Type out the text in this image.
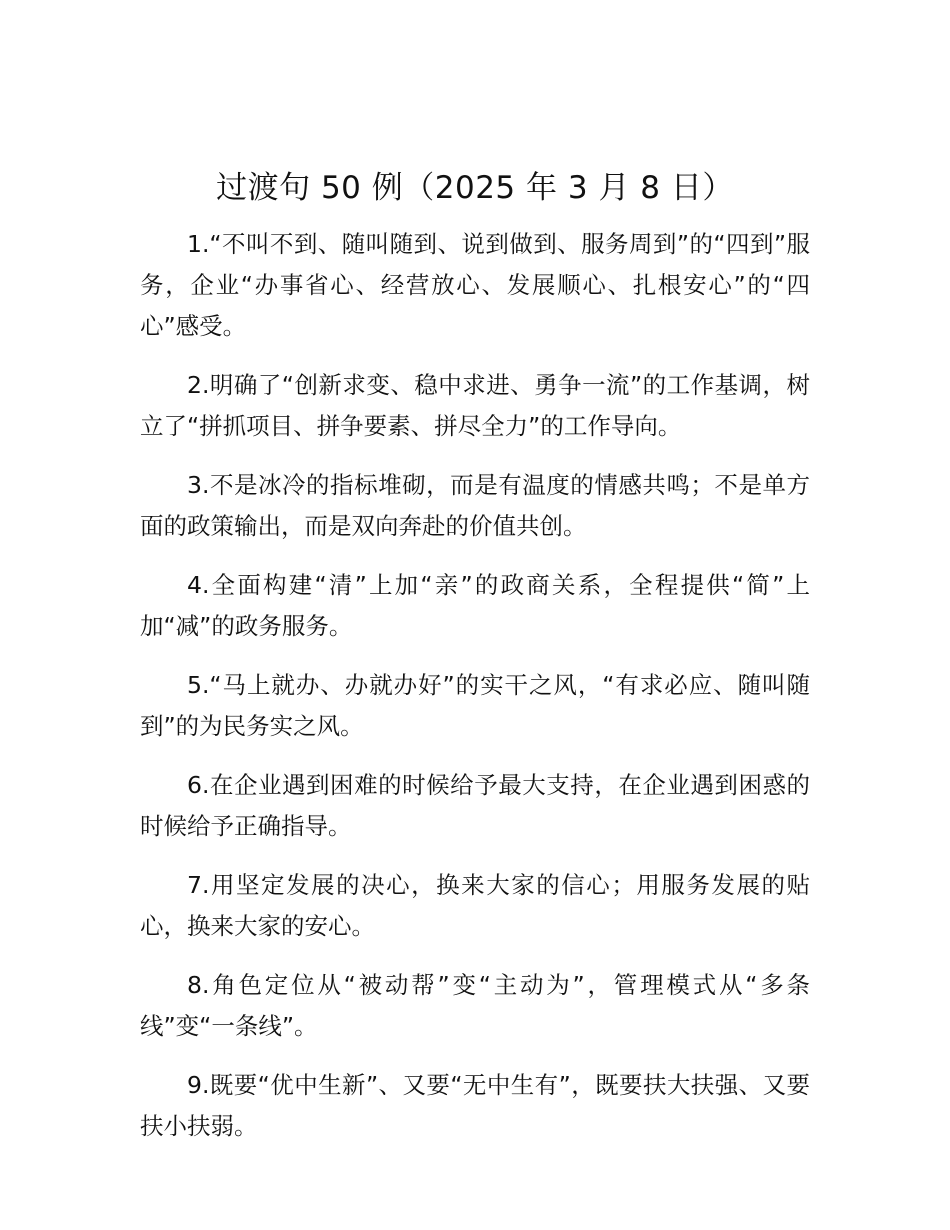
过渡句 50 例（2025 年 3 月 8 日）

1.“不叫不到、随叫随到、说到做到、服务周到”的“四到”服务，企业“办事省心、经营放心、发展顺心、扎根安心”的“四心”感受。

2.明确了“创新求变、稳中求进、勇争一流”的工作基调，树立了“拼抓项目、拼争要素、拼尽全力”的工作导向。

3.不是冰冷的指标堆砌，而是有温度的情感共鸣；不是单方面的政策输出，而是双向奔赴的价值共创。

4.全面构建“清”上加“亲”的政商关系，全程提供“简”上加“减”的政务服务。

5.“马上就办、办就办好”的实干之风，“有求必应、随叫随到”的为民务实之风。

6.在企业遇到困难的时候给予最大支持，在企业遇到困惑的时候给予正确指导。

7.用坚定发展的决心，换来大家的信心；用服务发展的贴心，换来大家的安心。

8.角色定位从“被动帮”变“主动为”，管理模式从“多条线”变“一条线”。

9.既要“优中生新”、又要“无中生有”，既要扶大扶强、又要扶小扶弱。
